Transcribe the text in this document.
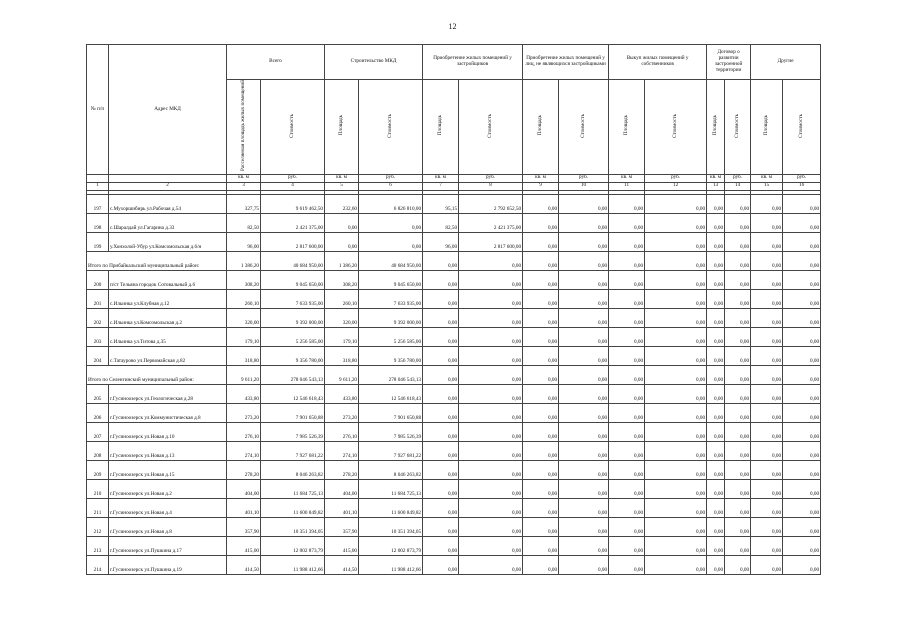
12
№ п/п	Адрес МКД	Всего		Строительство МКД		Приобретение жилых помещений у застройщиков		Приобретение жилых помещений у лиц, не являющихся застройщиками		Выкуп жилых помещений у собственников		Договор о развитии застроенной территории		Другие	
		Расселяемая площадь жилых помещений	Стоимость	Площадь	Стоимость	Площадь	Стоимость	Площадь	Стоимость	Площадь	Стоимость	Площадь	Стоимость	Площадь	Стоимость
		кв. м	руб.	кв. м	руб.	кв. м	руб.	кв. м	руб.	кв. м	руб.	кв. м	руб.	кв. м	руб.
1	2	3	4	5	6	7	8	9	10	11	12	13	14	15	16

197	с.Мухоршибирь ул.Рабочая д.54	327,75	9 619 462,50	232,60	6 826 810,00	95,15	2 792 652,50	0,00	0,00	0,00	0,00	0,00	0,00	0,00	0,00
198	с.Шаралдай ул.Гагарина д.33	82,50	2 421 375,00	0,00	0,00	82,50	2 421 375,00	0,00	0,00	0,00	0,00	0,00	0,00	0,00	0,00
199	у.Хонхолой-Убур ул.Комсомольская д.6/н	96,00	2 817 600,00	0,00	0,00	96,00	2 817 600,00	0,00	0,00	0,00	0,00	0,00	0,00	0,00	0,00
Итого по Прибайкальский муниципальный район:		1 386,20	40 684 950,00	1 386,20	40 684 950,00	0,00	0,00	0,00	0,00	0,00	0,00	0,00	0,00	0,00	0,00
200	п/ст Тельяна городок Сотовальный д.6	308,20	9 045 650,00	308,20	9 045 650,00	0,00	0,00	0,00	0,00	0,00	0,00	0,00	0,00	0,00	0,00
201	с.Ильинка ул.Клубная д.12	260,10	7 633 935,00	260,10	7 633 935,00	0,00	0,00	0,00	0,00	0,00	0,00	0,00	0,00	0,00	0,00
202	с.Ильинка ул.Комсомольская д.2	320,00	9 392 000,00	320,00	9 392 000,00	0,00	0,00	0,00	0,00	0,00	0,00	0,00	0,00	0,00	0,00
203	с.Ильинка ул.Титова д.35	179,10	5 256 585,00	179,10	5 256 585,00	0,00	0,00	0,00	0,00	0,00	0,00	0,00	0,00	0,00	0,00
204	с.Татаурово ул.Первомайская д.82	318,80	9 356 780,00	318,80	9 356 780,00	0,00	0,00	0,00	0,00	0,00	0,00	0,00	0,00	0,00	0,00
Итого по Селенгинский муниципальный район:		9 611,20	278 046 543,13	9 611,20	278 046 543,13	0,00	0,00	0,00	0,00	0,00	0,00	0,00	0,00	0,00	0,00
205	г.Гусиноозерск ул.Геологическая д.28	433,80	12 546 618,43	433,80	12 546 618,43	0,00	0,00	0,00	0,00	0,00	0,00	0,00	0,00	0,00	0,00
206	г.Гусиноозерск ул.Коммунистическая д.8	273,20	7 901 650,88	273,20	7 901 650,88	0,00	0,00	0,00	0,00	0,00	0,00	0,00	0,00	0,00	0,00
207	г.Гусиноозерск ул.Новая д.10	276,10	7 985 526,39	276,10	7 985 526,39	0,00	0,00	0,00	0,00	0,00	0,00	0,00	0,00	0,00	0,00
208	г.Гусиноозерск ул.Новая д.13	274,10	7 927 681,22	274,10	7 927 681,22	0,00	0,00	0,00	0,00	0,00	0,00	0,00	0,00	0,00	0,00
209	г.Гусиноозерск ул.Новая д.15	278,20	8 046 263,82	278,20	8 046 263,82	0,00	0,00	0,00	0,00	0,00	0,00	0,00	0,00	0,00	0,00
210	г.Гусиноозерск ул.Новая д.2	404,00	11 684 725,13	404,00	11 684 725,13	0,00	0,00	0,00	0,00	0,00	0,00	0,00	0,00	0,00	0,00
211	г.Гусиноозерск ул.Новая д.4	401,10	11 600 849,82	401,10	11 600 849,82	0,00	0,00	0,00	0,00	0,00	0,00	0,00	0,00	0,00	0,00
212	г.Гусиноозерск ул.Новая д.8	357,90	10 351 394,05	357,90	10 351 394,05	0,00	0,00	0,00	0,00	0,00	0,00	0,00	0,00	0,00	0,00
213	г.Гусиноозерск ул.Пушкина д.17	415,00	12 002 873,79	415,00	12 002 873,79	0,00	0,00	0,00	0,00	0,00	0,00	0,00	0,00	0,00	0,00
214	г.Гусиноозерск ул.Пушкина д.19	414,50	11 988 412,66	414,50	11 988 412,66	0,00	0,00	0,00	0,00	0,00	0,00	0,00	0,00	0,00	0,00
